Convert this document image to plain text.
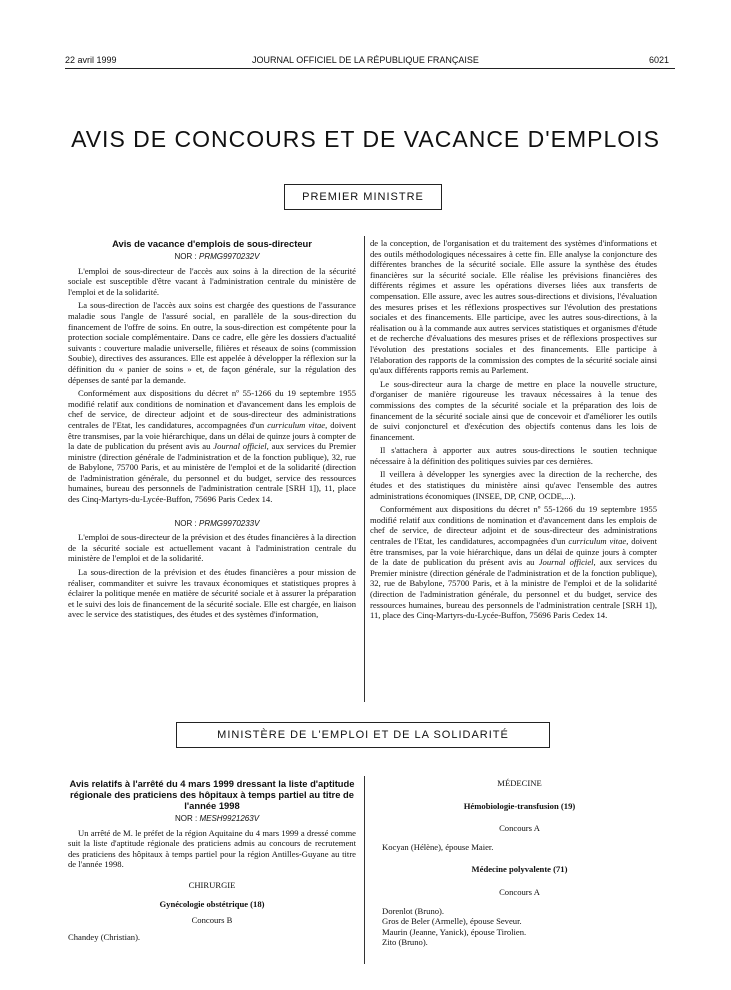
22 avril 1999	JOURNAL OFFICIEL DE LA RÉPUBLIQUE FRANÇAISE	6021
AVIS DE CONCOURS ET DE VACANCE D'EMPLOIS
PREMIER MINISTRE

Avis de vacance d'emplois de sous-directeur

NOR : PRMG9970232V

L'emploi de sous-directeur de l'accès aux soins à la direction de la sécurité sociale est susceptible d'être vacant à l'administration centrale du ministère de l'emploi et de la solidarité.

La sous-direction de l'accès aux soins est chargée des questions de l'assurance maladie sous l'angle de l'assuré social, en parallèle de la sous-direction du financement de l'offre de soins. En outre, la sous-direction est compétente pour la protection sociale complémentaire. Dans ce cadre, elle gère les dossiers d'actualité suivants : couverture maladie universelle, filières et réseaux de soins (commission Soubie), directives des assurances. Elle est appelée à développer la réflexion sur la définition du « panier de soins » et, de façon générale, sur la régulation des dépenses de santé par la demande.

Conformément aux dispositions du décret nº 55-1266 du 19 septembre 1955 modifié relatif aux conditions de nomination et d'avancement dans les emplois de chef de service, de directeur adjoint et de sous-directeur des administrations centrales de l'Etat, les candidatures, accompagnées d'un curriculum vitae, doivent être transmises, par la voie hiérarchique, dans un délai de quinze jours à compter de la date de publication du présent avis au Journal officiel, aux services du Premier ministre (direction générale de l'administration et de la fonction publique), 32, rue de Babylone, 75700 Paris, et au ministère de l'emploi et de la solidarité (direction de l'administration générale, du personnel et du budget, service des ressources humaines, bureau des personnels de l'administration centrale [SRH 1]), 11, place des Cinq-Martyrs-du-Lycée-Buffon, 75696 Paris Cedex 14.

NOR : PRMG9970233V

L'emploi de sous-directeur de la prévision et des études financières à la direction de la sécurité sociale est actuellement vacant à l'administration centrale du ministère de l'emploi et de la solidarité.

La sous-direction de la prévision et des études financières a pour mission de réaliser, commanditer et suivre les travaux économiques et statistiques propres à éclairer la politique menée en matière de sécurité sociale et à assurer la préparation et le suivi des lois de financement de la sécurité sociale. Elle est chargée, en liaison avec le service des statistiques, des études et des systèmes d'information,

de la conception, de l'organisation et du traitement des systèmes d'informations et des outils méthodologiques nécessaires à cette fin. Elle analyse la conjoncture des différentes branches de la sécurité sociale. Elle assure la synthèse des études financières sur la sécurité sociale. Elle réalise les prévisions financières des différents régimes et assure les opérations diverses liées aux transferts de compensation. Elle assure, avec les autres sous-directions et divisions, l'évaluation des mesures prises et les réflexions prospectives sur l'évolution des prestations sociales et des financements. Elle participe, avec les autres sous-directions, à la réalisation ou à la commande aux autres services statistiques et organismes d'étude et de recherche d'évaluations des mesures prises et de réflexions prospectives sur l'évolution des prestations sociales et des financements. Elle participe à l'élaboration des rapports de la commission des comptes de la sécurité sociale ainsi qu'aux différents rapports remis au Parlement.

Le sous-directeur aura la charge de mettre en place la nouvelle structure, d'organiser de manière rigoureuse les travaux nécessaires à la tenue des commissions des comptes de la sécurité sociale et la préparation des lois de financement de la sécurité sociale ainsi que de concevoir et d'améliorer les outils de suivi conjoncturel et d'exécution des objectifs contenus dans les lois de financement.

Il s'attachera à apporter aux autres sous-directions le soutien technique nécessaire à la définition des politiques suivies par ces dernières.

Il veillera à développer les synergies avec la direction de la recherche, des études et des statistiques du ministère ainsi qu'avec l'ensemble des autres administrations économiques (INSEE, DP, CNP, OCDE,...).

Conformément aux dispositions du décret nº 55-1266 du 19 septembre 1955 modifié relatif aux conditions de nomination et d'avancement dans les emplois de chef de service, de directeur adjoint et de sous-directeur des administrations centrales de l'Etat, les candidatures, accompagnées d'un curriculum vitae, doivent être transmises, par la voie hiérarchique, dans un délai de quinze jours à compter de la date de publication du présent avis au Journal officiel, aux services du Premier ministre (direction générale de l'administration et de la fonction publique), 32, rue de Babylone, 75700 Paris, et à la ministre de l'emploi et de la solidarité (direction de l'administration générale, du personnel et du budget, service des ressources humaines, bureau des personnels de l'administration centrale [SRH 1]), 11, place des Cinq-Martyrs-du-Lycée-Buffon, 75696 Paris Cedex 14.

MINISTÈRE DE L'EMPLOI ET DE LA SOLIDARITÉ

Avis relatifs à l'arrêté du 4 mars 1999 dressant la liste d'aptitude régionale des praticiens des hôpitaux à temps partiel au titre de l'année 1998

NOR : MESH9921263V

Un arrêté de M. le préfet de la région Aquitaine du 4 mars 1999 a dressé comme suit la liste d'aptitude régionale des praticiens admis au concours de recrutement des praticiens des hôpitaux à temps partiel pour la région Antilles-Guyane au titre de l'année 1998.

CHIRURGIE

Gynécologie obstétrique (18)

Concours B

Chandey (Christian).

MÉDECINE

Hémobiologie-transfusion (19)

Concours A

Kocyan (Hélène), épouse Maier.

Médecine polyvalente (71)

Concours A

Dorenlot (Bruno).

Gros de Beler (Armelle), épouse Seveur.

Maurin (Jeanne, Yanick), épouse Tirolien.

Zito (Bruno).
